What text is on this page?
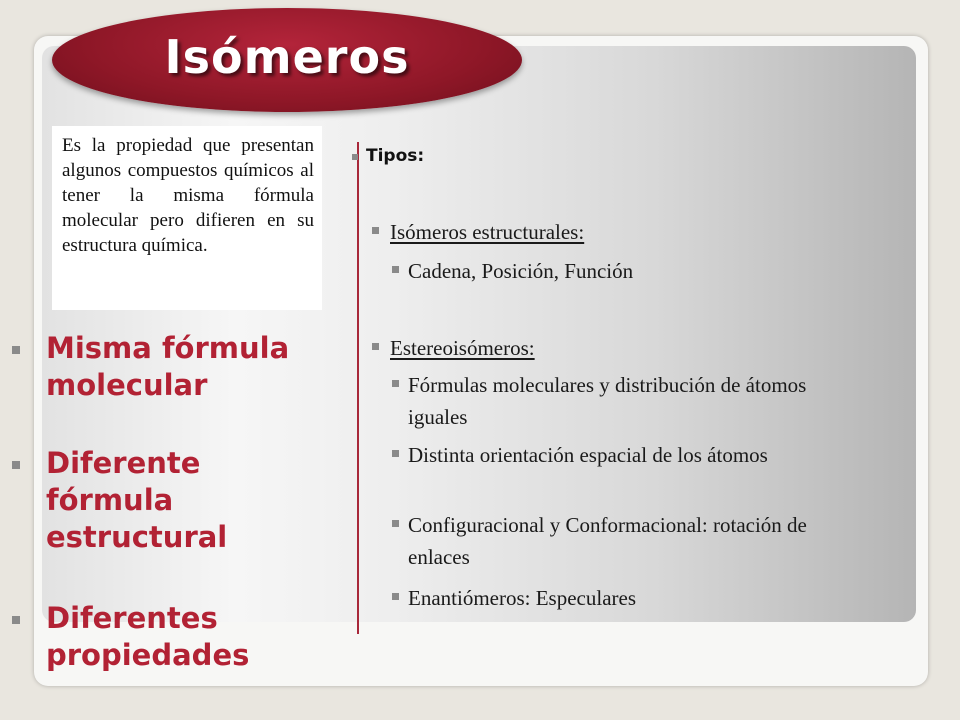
Isómeros
Es la propiedad que presentan algunos compuestos químicos al tener la misma fórmula molecular pero difieren en su estructura química.
Misma fórmula molecular
Diferente fórmula estructural
Diferentes propiedades
Tipos:
Isómeros estructurales:
Cadena, Posición, Función
Estereoisómeros:
Fórmulas moleculares y distribución de átomos iguales
Distinta orientación espacial de los átomos
Configuracional y Conformacional: rotación de enlaces
Enantiómeros: Especulares
